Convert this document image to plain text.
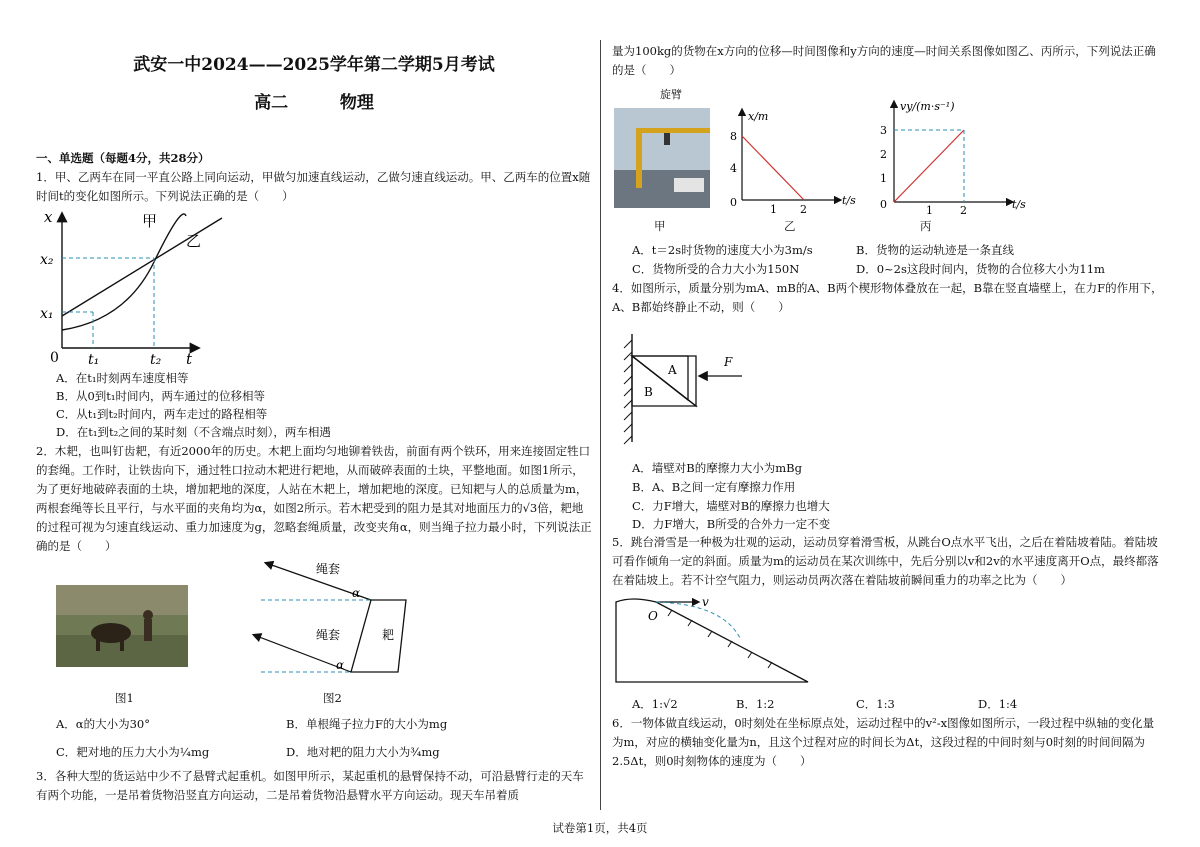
武安一中2024——2025学年第二学期5月考试
高二	物理
一、单选题（每题4分，共28分）

1．甲、乙两车在同一平直公路上同向运动，甲做匀加速直线运动，乙做匀速直线运动。甲、乙两车的位置x随时间t的变化如图所示。下列说法正确的是（　　）

x
t
0
x₂
x₁
t₁	t₂
甲
乙
A．在t₁时刻两车速度相等
B．从0到t₁时间内，两车通过的位移相等
C．从t₁到t₂时间内，两车走过的路程相等
D．在t₁到t₂之间的某时刻（不含端点时刻），两车相遇

2．木耙，也叫钉齿耙，有近2000年的历史。木耙上面均匀地铆着铁齿，前面有两个铁环，用来连接固定牲口的套绳。工作时，让铁齿向下，通过牲口拉动木耙进行耙地，从而破碎表面的土块，平整地面。如图1所示，为了更好地破碎表面的土块，增加耙地的深度，人站在木耙上，增加耙地的深度。已知耙与人的总质量为m，两根套绳等长且平行，与水平面的夹角均为α，如图2所示。若木耙受到的阻力是其对地面压力的√3倍，耙地的过程可视为匀速直线运动、重力加速度为g，忽略套绳质量，改变夹角α，则当绳子拉力最小时，下列说法正确的是（　　）

图1
绳套
绳套
α
α
耙
图2
A．α的大小为30°	B．单根绳子拉力F的大小为mg
C．耙对地的压力大小为¼mg	D．地对耙的阻力大小为¾mg

3．各种大型的货运站中少不了悬臂式起重机。如图甲所示，某起重机的悬臂保持不动，可沿悬臂行走的天车有两个功能，一是吊着货物沿竖直方向运动，二是吊着货物沿悬臂水平方向运动。现天车吊着质

量为100kg的货物在x方向的位移—时间图像和y方向的速度—时间关系图像如图乙、丙所示，下列说法正确的是（　　）

旋臂
甲
x/m
t/s
8
4
0
1 2
乙
vy/(m·s⁻¹)
t/s
3
2
1
0	1 2
丙
A．t＝2s时货物的速度大小为3m/s	B．货物的运动轨迹是一条直线
C．货物所受的合力大小为150N	D．0~2s这段时间内，货物的合位移大小为11m

4．如图所示，质量分别为mA、mB的A、B两个楔形物体叠放在一起，B靠在竖直墙壁上，在力F的作用下，A、B都始终静止不动，则（　　）

A
B
F
A．墙壁对B的摩擦力大小为mBg
B．A、B之间一定有摩擦力作用
C．力F增大，墙壁对B的摩擦力也增大
D．力F增大，B所受的合外力一定不变

5．跳台滑雪是一种极为壮观的运动，运动员穿着滑雪板，从跳台O点水平飞出，之后在着陆坡着陆。着陆坡可看作倾角一定的斜面。质量为m的运动员在某次训练中，先后分别以v和2v的水平速度离开O点，最终都落在着陆坡上。若不计空气阻力，则运动员两次落在着陆坡前瞬间重力的功率之比为（　　）

O
v
A．1:√2	B．1:2	C．1:3	D．1:4

6．一物体做直线运动，0时刻处在坐标原点处，运动过程中的v²-x图像如图所示，一段过程中纵轴的变化量为m，对应的横轴变化量为n，且这个过程对应的时间长为Δt，这段过程的中间时刻与0时刻的时间间隔为2.5Δt，则0时刻物体的速度为（　　）

试卷第1页，共4页
